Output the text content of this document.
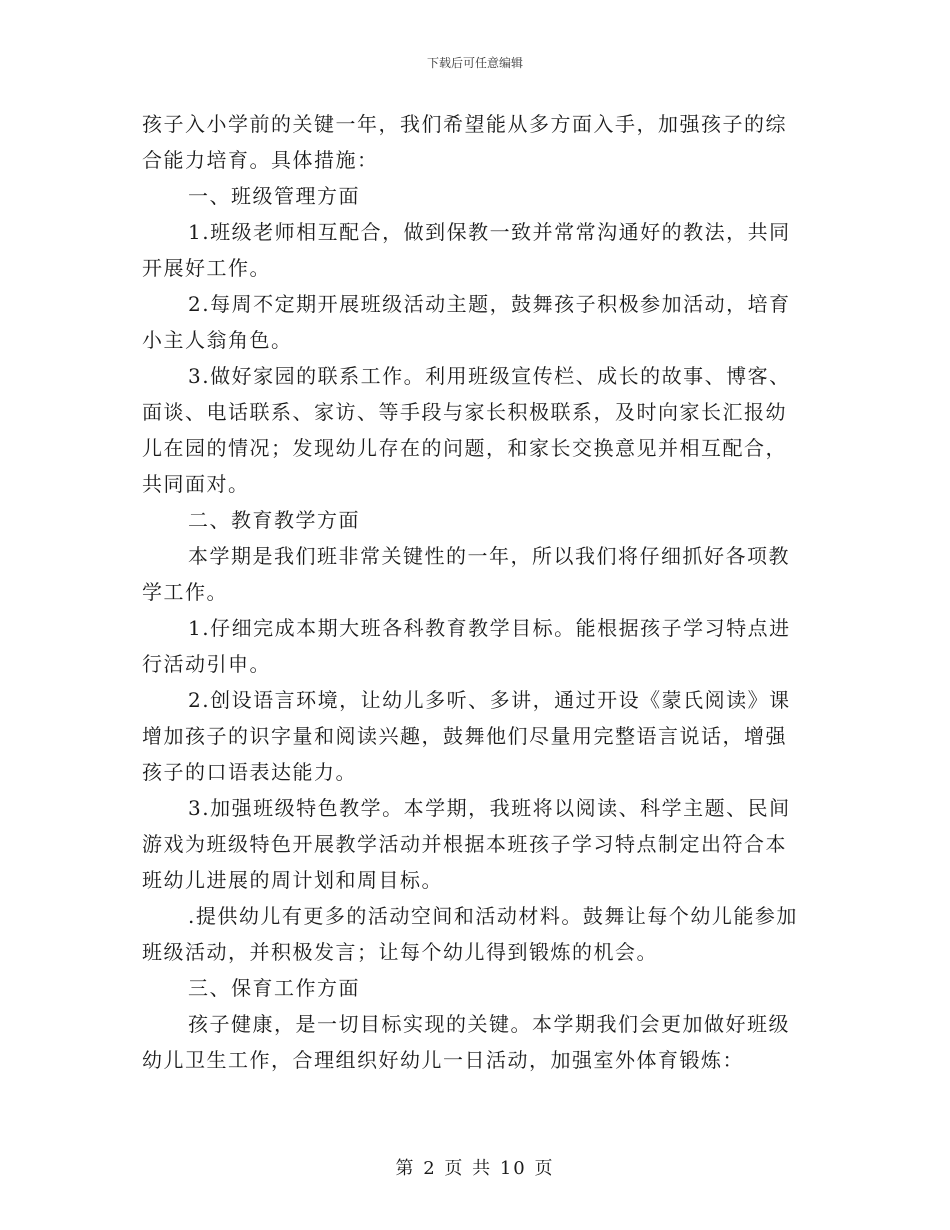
下载后可任意编辑
孩子入小学前的关键一年，我们希望能从多方面入手，加强孩子的综
合能力培育。具体措施：
一、班级管理方面
1.班级老师相互配合，做到保教一致并常常沟通好的教法，共同
开展好工作。
2.每周不定期开展班级活动主题，鼓舞孩子积极参加活动，培育
小主人翁角色。
3.做好家园的联系工作。利用班级宣传栏、成长的故事、博客、
面谈、电话联系、家访、等手段与家长积极联系，及时向家长汇报幼
儿在园的情况；发现幼儿存在的问题，和家长交换意见并相互配合，
共同面对。
二、教育教学方面
本学期是我们班非常关键性的一年，所以我们将仔细抓好各项教
学工作。
1.仔细完成本期大班各科教育教学目标。能根据孩子学习特点进
行活动引申。
2.创设语言环境，让幼儿多听、多讲，通过开设《蒙氏阅读》课
增加孩子的识字量和阅读兴趣，鼓舞他们尽量用完整语言说话，增强
孩子的口语表达能力。
3.加强班级特色教学。本学期，我班将以阅读、科学主题、民间
游戏为班级特色开展教学活动并根据本班孩子学习特点制定出符合本
班幼儿进展的周计划和周目标。
.提供幼儿有更多的活动空间和活动材料。鼓舞让每个幼儿能参加
班级活动，并积极发言；让每个幼儿得到锻炼的机会。
三、保育工作方面
孩子健康，是一切目标实现的关键。本学期我们会更加做好班级
幼儿卫生工作，合理组织好幼儿一日活动，加强室外体育锻炼：
第 2 页 共 10 页
